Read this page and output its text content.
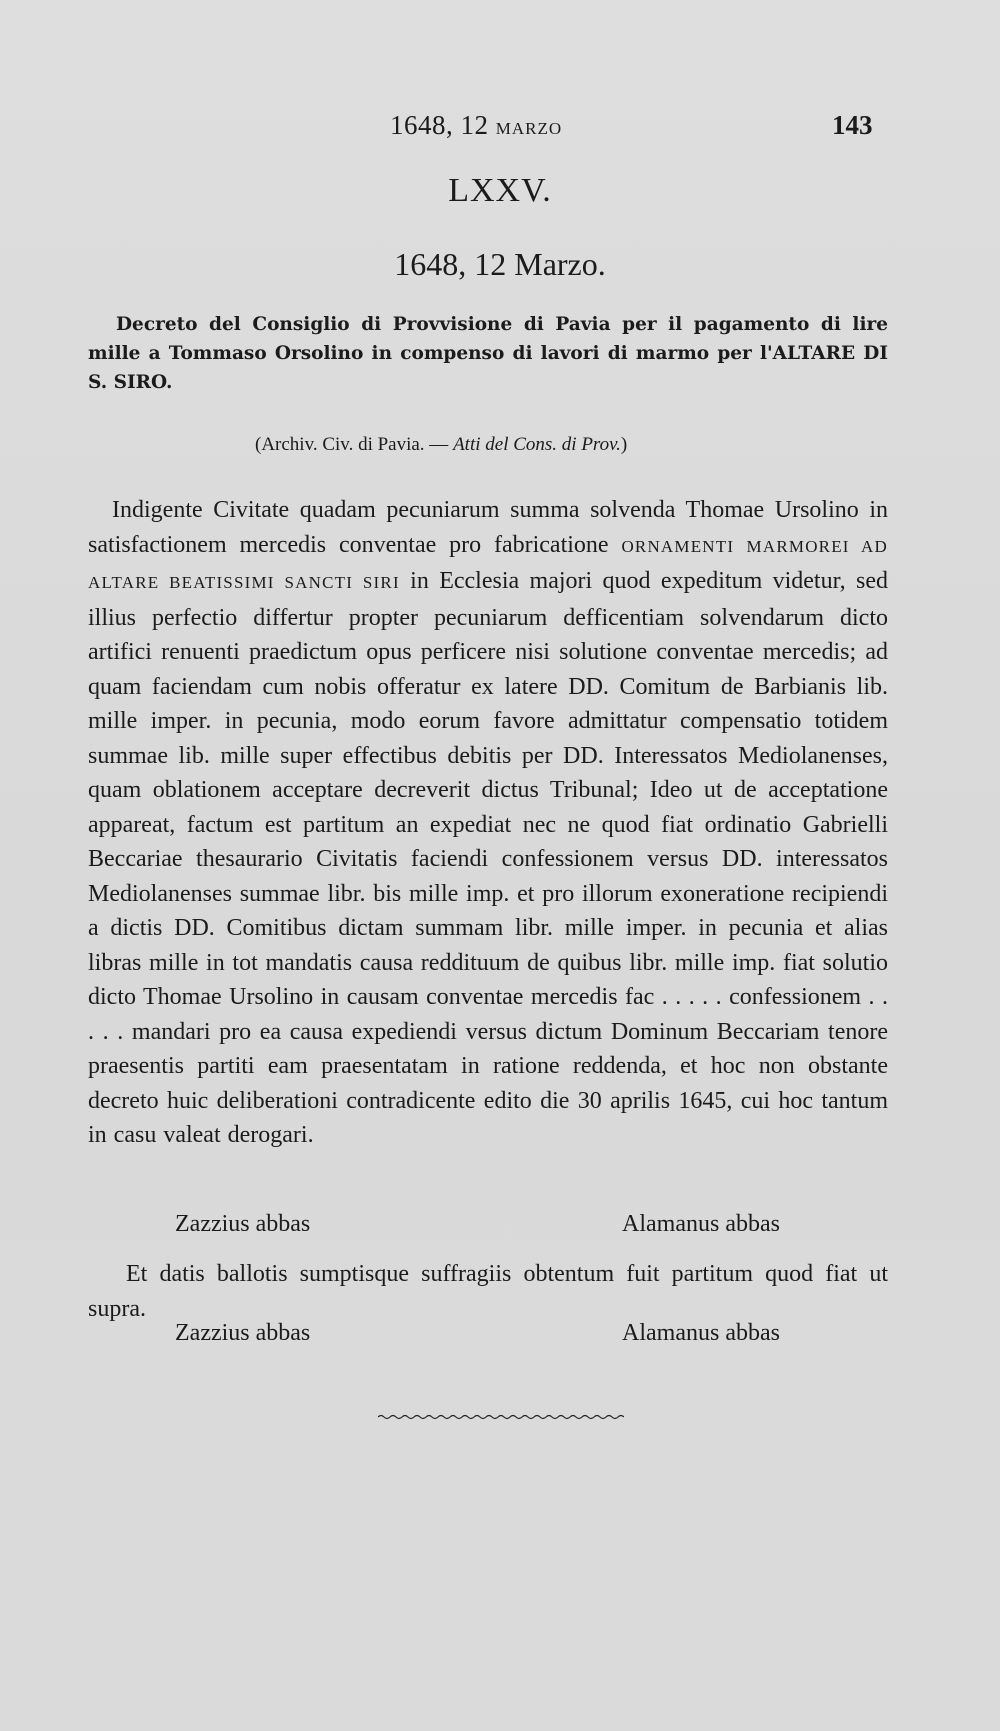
1648, 12 MARZO	143
LXXV.
1648, 12 Marzo.
Decreto del Consiglio di Provvisione di Pavia per il pagamento di lire mille a Tommaso Orsolino in compenso di lavori di marmo per l'ALTARE DI S. SIRO.
(Archiv. Civ. di Pavia. — Atti del Cons. di Prov.)

Indigente Civitate quadam pecuniarum summa solvenda Thomae Ursolino in satisfactionem mercedis conventae pro fabricatione ORNAMENTI MARMOREI AD ALTARE BEATISSIMI SANCTI SIRI in Ecclesia majori quod expeditum videtur, sed illius perfectio differtur propter pecuniarum defficentiam solvendarum dicto artifici renuenti praedictum opus perficere nisi solutione conventae mercedis; ad quam faciendam cum nobis offeratur ex latere DD. Comitum de Barbianis lib. mille imper. in pecunia, modo eorum favore admittatur compensatio totidem summae lib. mille super effectibus debitis per DD. Interessatos Mediolanenses, quam oblationem acceptare decreverit dictus Tribunal; Ideo ut de acceptatione appareat, factum est partitum an expediat nec ne quod fiat ordinatio Gabrielli Beccariae thesaurario Civitatis faciendi confessionem versus DD. interessatos Mediolanenses summae libr. bis mille imp. et pro illorum exoneratione recipiendi a dictis DD. Comitibus dictam summam libr. mille imper. in pecunia et alias libras mille in tot mandatis causa reddituum de quibus libr. mille imp. fiat solutio dicto Thomae Ursolino in causam conventae mercedis fac . . . . . confessionem . . . . . mandari pro ea causa expediendi versus dictum Dominum Beccariam tenore praesentis partiti eam praesentatam in ratione reddenda, et hoc non obstante decreto huic deliberationi contradicente edito die 30 aprilis 1645, cui hoc tantum in casu valeat derogari.

Zazzius abbas	Alamanus abbas

Et datis ballotis sumptisque suffragiis obtentum fuit partitum quod fiat ut supra.

Zazzius abbas	Alamanus abbas
